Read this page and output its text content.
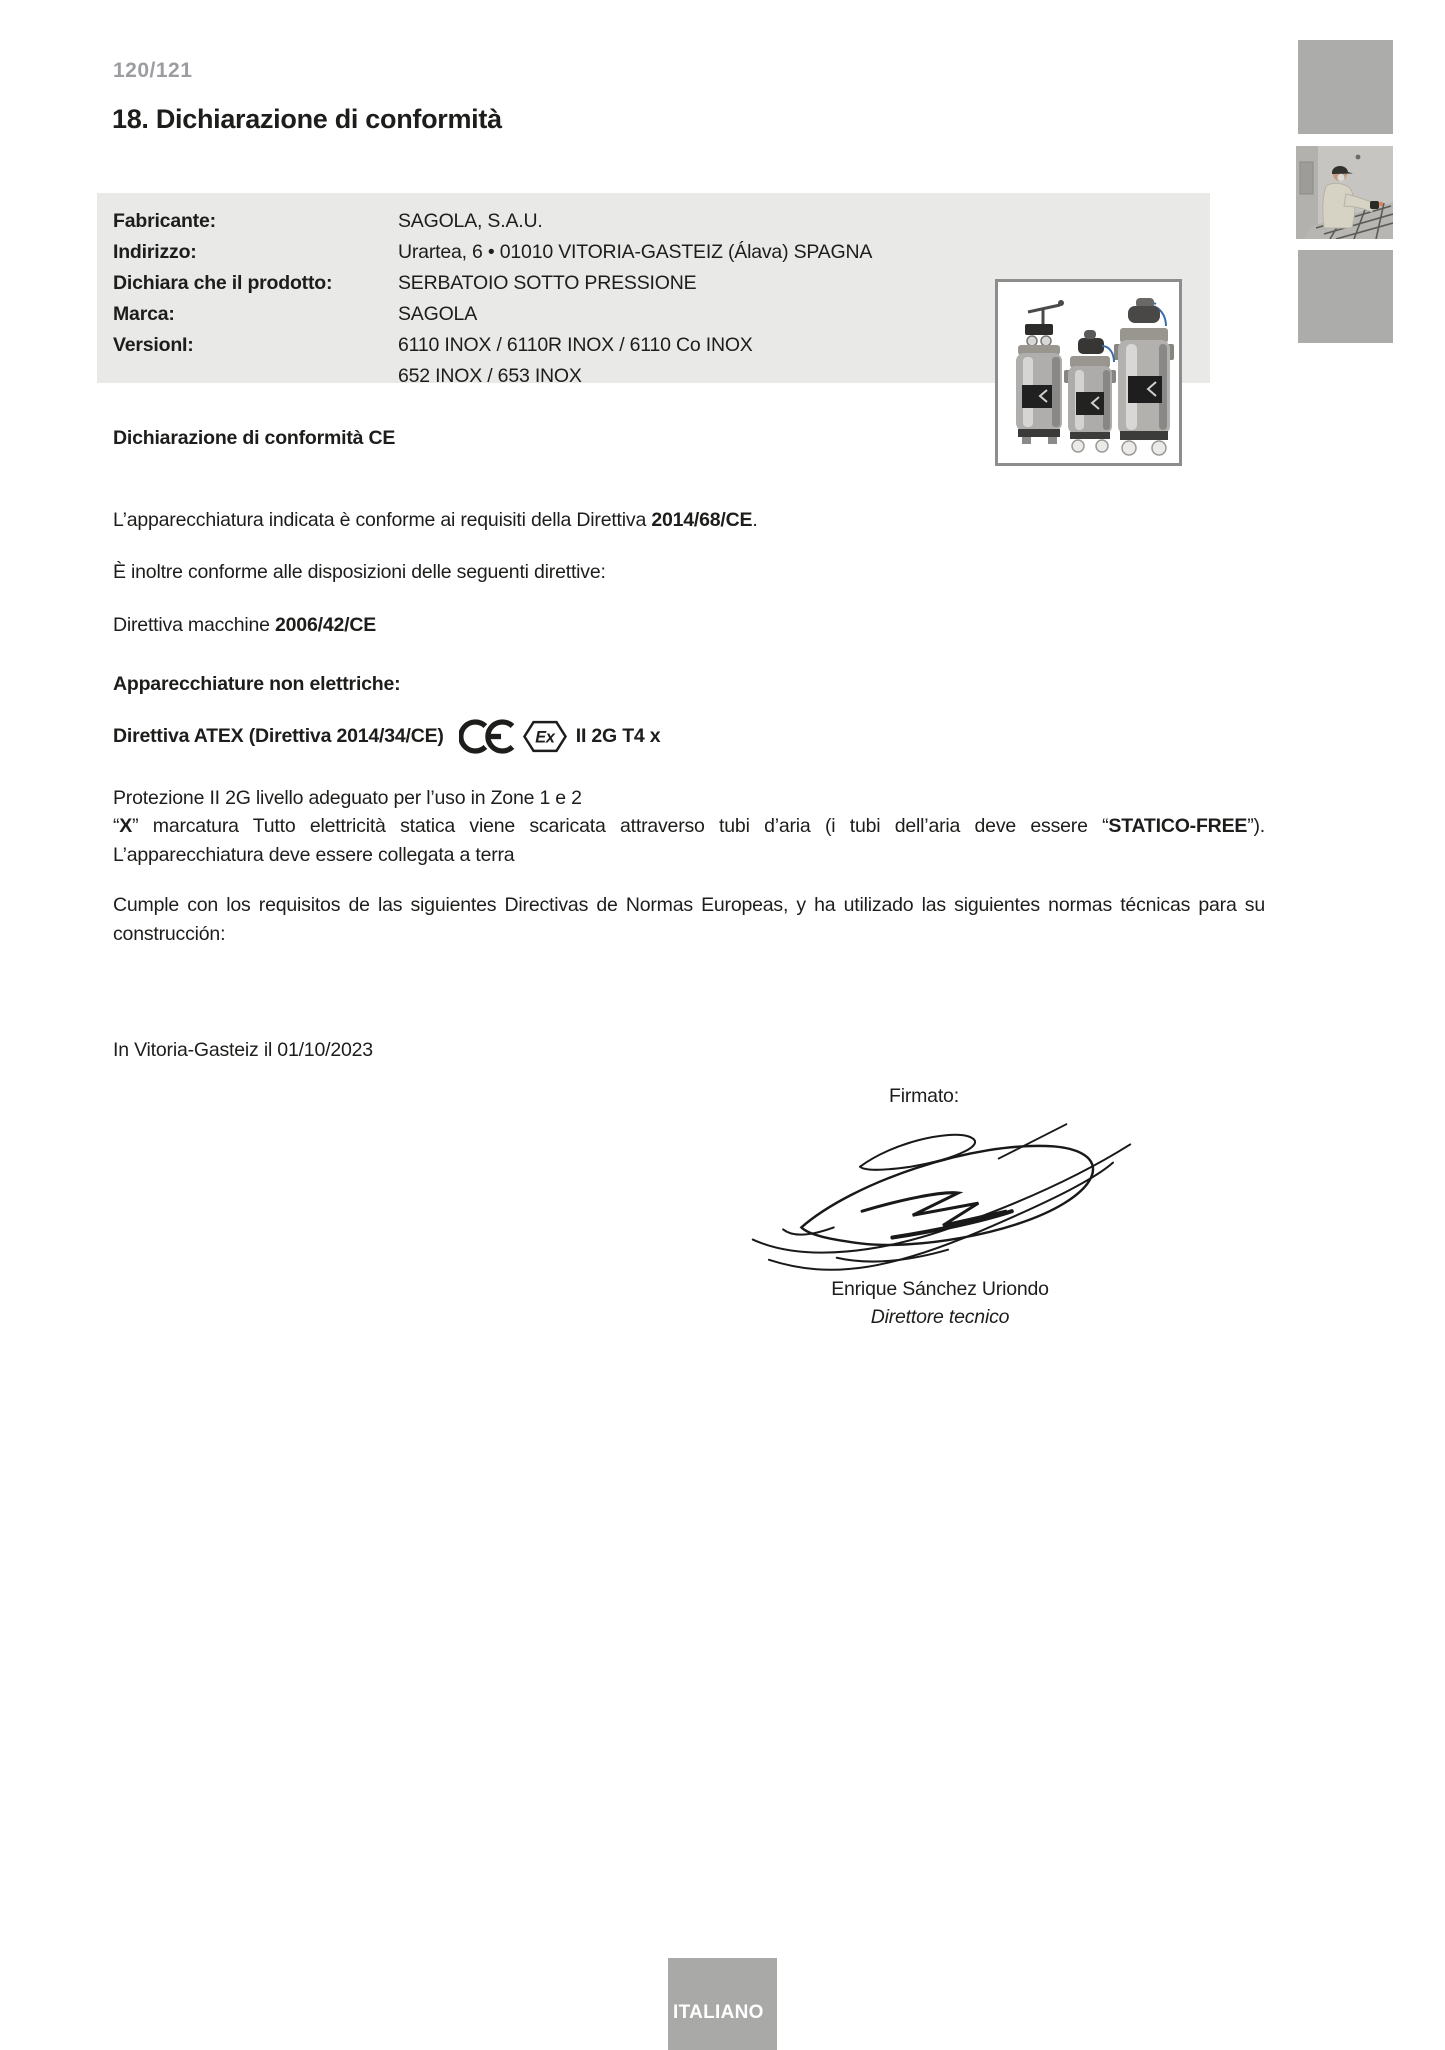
120/121
18. Dichiarazione di conformità
Fabricante:	SAGOLA, S.A.U.
Indirizzo:	Urartea, 6 • 01010 VITORIA-GASTEIZ (Álava) SPAGNA
Dichiara che il prodotto:	SERBATOIO SOTTO PRESSIONE
Marca:	SAGOLA
VersionI:	6110 INOX / 6110R INOX / 6110 Co INOX
652 INOX / 653 INOX
Dichiarazione di conformità CE
L’apparecchiatura indicata è conforme ai requisiti della Direttiva 2014/68/CE.
È inoltre conforme alle disposizioni delle seguenti direttive:
Direttiva macchine 2006/42/CE
Apparecchiature non elettriche:
Direttiva ATEX (Direttiva 2014/34/CE)	Ex II 2G T4 x
Protezione II 2G livello adeguato per l’uso in Zone 1 e 2
“X” marcatura Tutto elettricità statica viene scaricata attraverso tubi d’aria (i tubi dell’aria deve essere “STATICO-FREE”). L’apparecchiatura deve essere collegata a terra
Cumple con los requisitos de las siguientes Directivas de Normas Europeas, y ha utilizado las siguientes normas técnicas para su construcción:
In Vitoria-Gasteiz il 01/10/2023
Firmato:
Enrique Sánchez Uriondo
Direttore tecnico
ITALIANO
